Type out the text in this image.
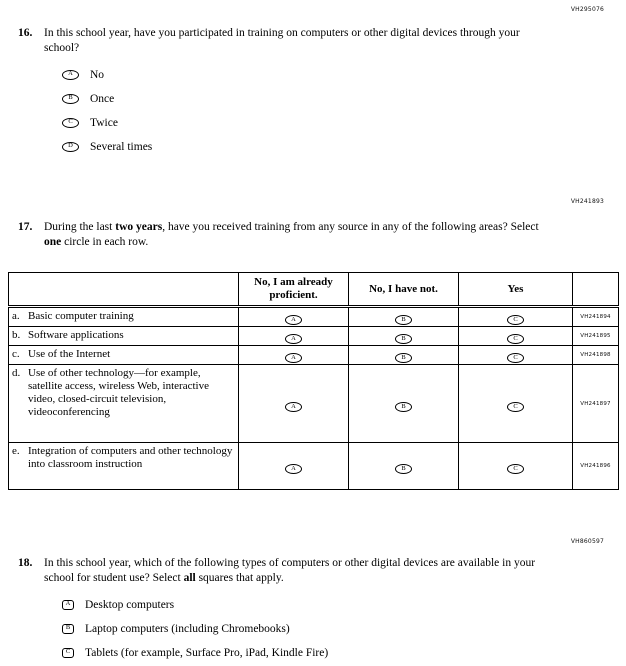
VH295076
VH241893
VH860597
16.	In this school year, have you participated in training on computers or other digital devices through your school?
A No
B Once
C Twice
D Several times
17.	During the last two years, have you received training from any source in any of the following areas? Select one circle in each row.
	No, I am already proficient.	No, I have not.	Yes	

a. Basic computer training	A	B	C	VH241894

b. Software applications	A	B	C	VH241895

c. Use of the Internet	A	B	C	VH241898

d. Use of other technology—for example, satellite access, wireless Web, interactive video, closed-circuit television, videoconferencing	A	B	C	VH241897

e. Integration of computers and other technology into classroom instruction	A	B	C	VH241896
18.	In this school year, which of the following types of computers or other digital devices are available in your school for student use? Select all squares that apply.
A Desktop computers
B Laptop computers (including Chromebooks)
C Tablets (for example, Surface Pro, iPad, Kindle Fire)
